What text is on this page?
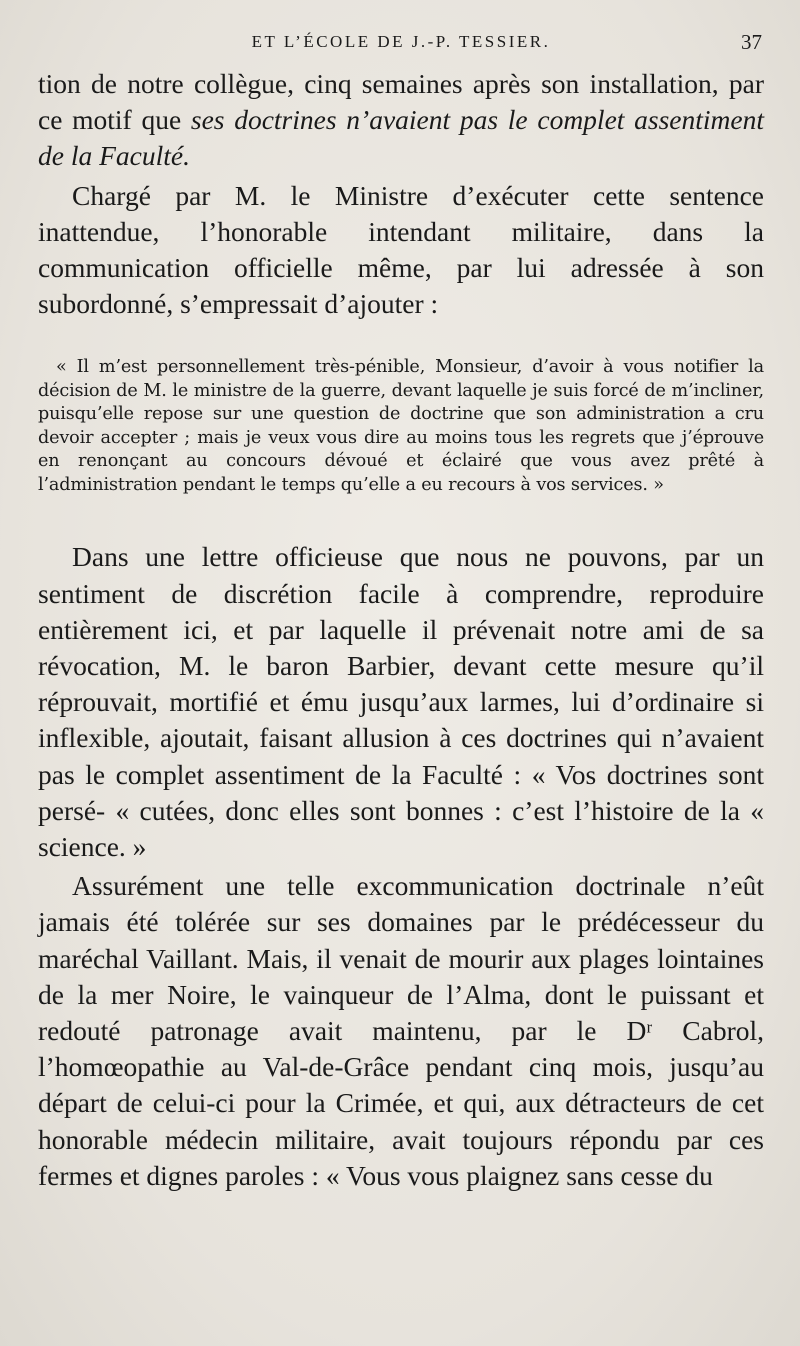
ET L’ÉCOLE DE J.-P. TESSIER.	37

tion de notre collègue, cinq semaines après son installation, par ce motif que ses doctrines n’avaient pas le complet assentiment de la Faculté.

Chargé par M. le Ministre d’exécuter cette sentence inattendue, l’honorable intendant militaire, dans la communication officielle même, par lui adressée à son subordonné, s’empressait d’ajouter :

« Il m’est personnellement très-pénible, Monsieur, d’avoir à vous notifier la décision de M. le ministre de la guerre, devant laquelle je suis forcé de m’incliner, puisqu’elle repose sur une question de doctrine que son administration a cru devoir accepter ; mais je veux vous dire au moins tous les regrets que j’éprouve en renonçant au concours dévoué et éclairé que vous avez prêté à l’administration pendant le temps qu’elle a eu recours à vos services. »

Dans une lettre officieuse que nous ne pouvons, par un sentiment de discrétion facile à comprendre, reproduire entièrement ici, et par laquelle il prévenait notre ami de sa révocation, M. le baron Barbier, devant cette mesure qu’il réprouvait, mortifié et ému jusqu’aux larmes, lui d’ordinaire si inflexible, ajoutait, faisant allusion à ces doctrines qui n’avaient pas le complet assentiment de la Faculté : « Vos doctrines sont persé- « cutées, donc elles sont bonnes : c’est l’histoire de la « science. »

Assurément une telle excommunication doctrinale n’eût jamais été tolérée sur ses domaines par le prédécesseur du maréchal Vaillant. Mais, il venait de mourir aux plages lointaines de la mer Noire, le vainqueur de l’Alma, dont le puissant et redouté patronage avait maintenu, par le Dʳ Cabrol, l’homœopathie au Val-de-Grâce pendant cinq mois, jusqu’au départ de celui-ci pour la Crimée, et qui, aux détracteurs de cet honorable médecin militaire, avait toujours répondu par ces fermes et dignes paroles : « Vous vous plaignez sans cesse du
